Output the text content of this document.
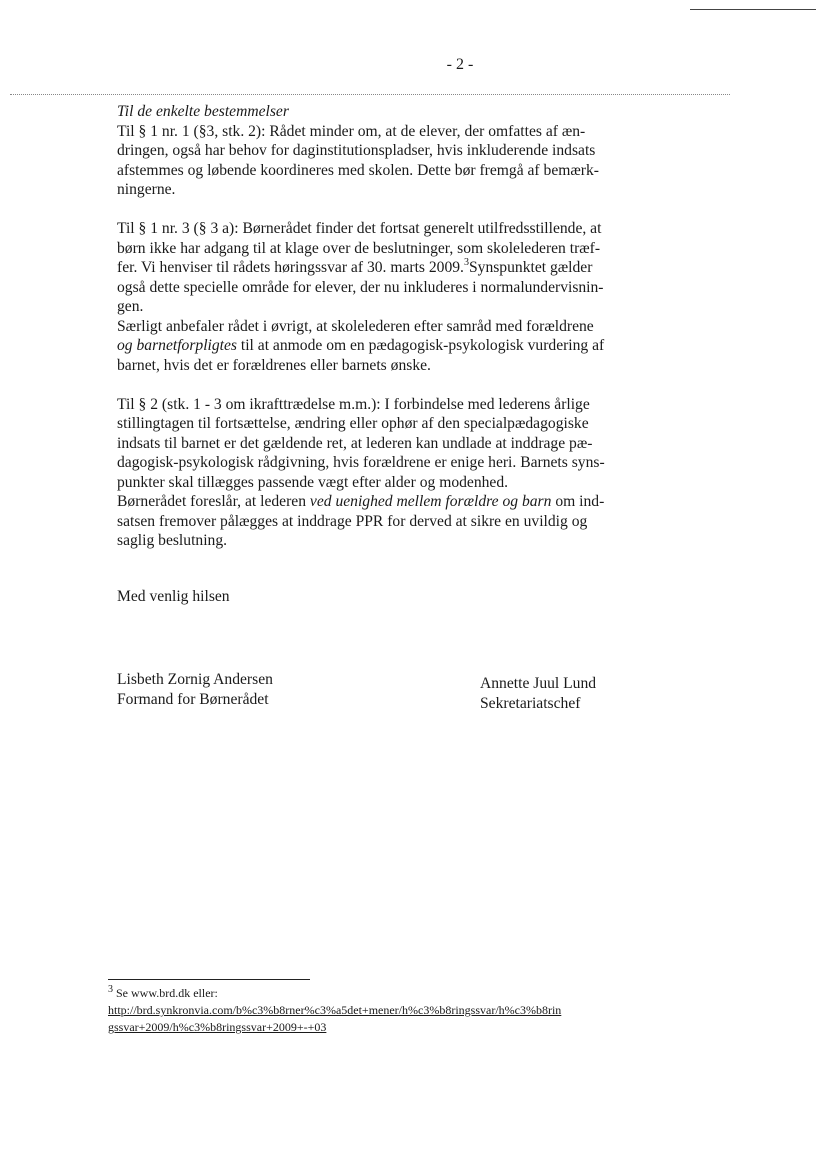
- 2 -
Til de enkelte bestemmelser
Til § 1 nr. 1 (§3, stk. 2): Rådet minder om, at de elever, der omfattes af æn-
dringen, også har behov for daginstitutionspladser, hvis inkluderende indsats
afstemmes og løbende koordineres med skolen. Dette bør fremgå af bemærk-
ningerne.
Til § 1 nr. 3 (§ 3 a): Børnerådet finder det fortsat generelt utilfredsstillende, at
børn ikke har adgang til at klage over de beslutninger, som skolelederen træf-
fer. Vi henviser til rådets høringssvar af 30. marts 2009.$^3$Synspunktet gælder
også dette specielle område for elever, der nu inkluderes i normalundervisnin-
gen.
Særligt anbefaler rådet i øvrigt, at skolelederen efter samråd med forældrene
og barnetforpligtes til at anmode om en pædagogisk-psykologisk vurdering af
barnet, hvis det er forældrenes eller barnets ønske.
Til § 2 (stk. 1 - 3 om ikrafttrædelse m.m.): I forbindelse med lederens årlige
stillingtagen til fortsættelse, ændring eller ophør af den specialpædagogiske
indsats til barnet er det gældende ret, at lederen kan undlade at inddrage pæ-
dagogisk-psykologisk rådgivning, hvis forældrene er enige heri. Barnets syns-
punkter skal tillægges passende vægt efter alder og modenhed.
Børnerådet foreslår, at lederen ved uenighed mellem forældre og barn om ind-
satsen fremover pålægges at inddrage PPR for derved at sikre en uvildig og
saglig beslutning.
Med venlig hilsen
Lisbeth Zornig Andersen
Formand for Børnerådet
Annette Juul Lund
Sekretariatschef
$^3$ Se www.brd.dk eller:
http://brd.synkronvia.com/b%c3%b8rner%c3%a5det+mener/h%c3%b8ringssvar/h%c3%b8rin
gssvar+2009/h%c3%b8ringssvar+2009+-+03
